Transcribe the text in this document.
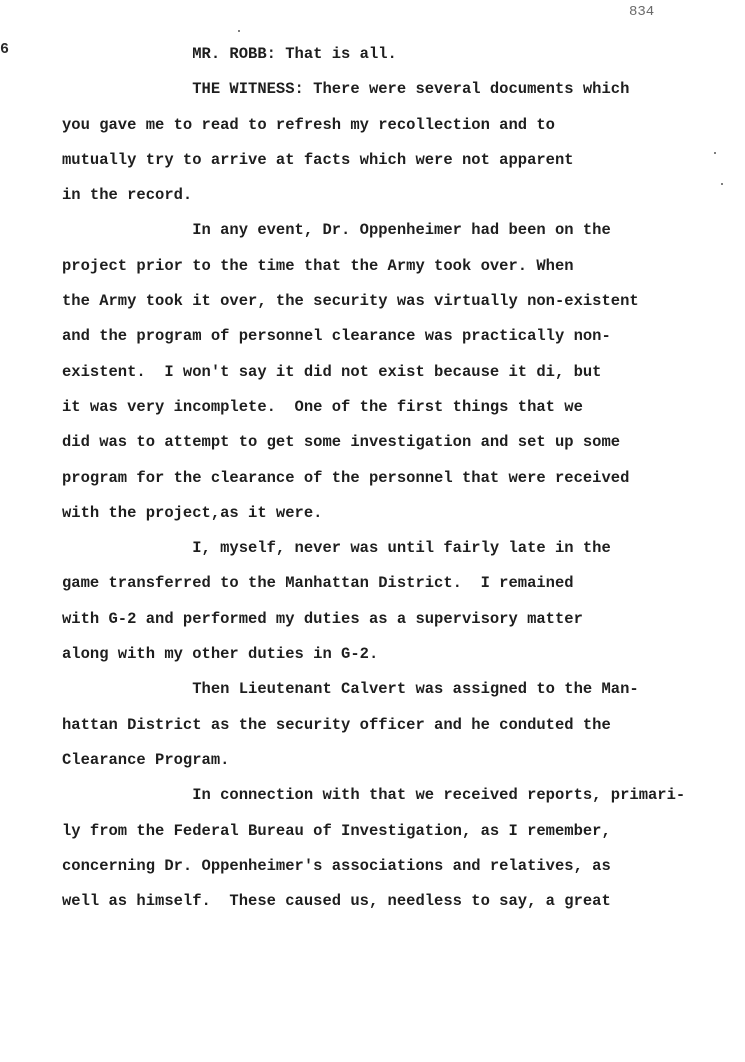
834
6	MR. ROBB: That is all.
THE WITNESS: There were several documents which
you gave me to read to refresh my recollection and to
mutually try to arrive at facts which were not apparent
in the record.
In any event, Dr. Oppenheimer had been on the
project prior to the time that the Army took over. When
the Army took it over, the security was virtually non-existent
and the program of personnel clearance was practically non-
existent.  I won't say it did not exist because it di, but
it was very incomplete.  One of the first things that we
did was to attempt to get some investigation and set up some
program for the clearance of the personnel that were received
with the project,as it were.
I, myself, never was until fairly late in the
game transferred to the Manhattan District.  I remained
with G-2 and performed my duties as a supervisory matter
along with my other duties in G-2.
Then Lieutenant Calvert was assigned to the Man-
hattan District as the security officer and he conduted the
Clearance Program.
In connection with that we received reports, primari-
ly from the Federal Bureau of Investigation, as I remember,
concerning Dr. Oppenheimer's associations and relatives, as
well as himself.  These caused us, needless to say, a great
